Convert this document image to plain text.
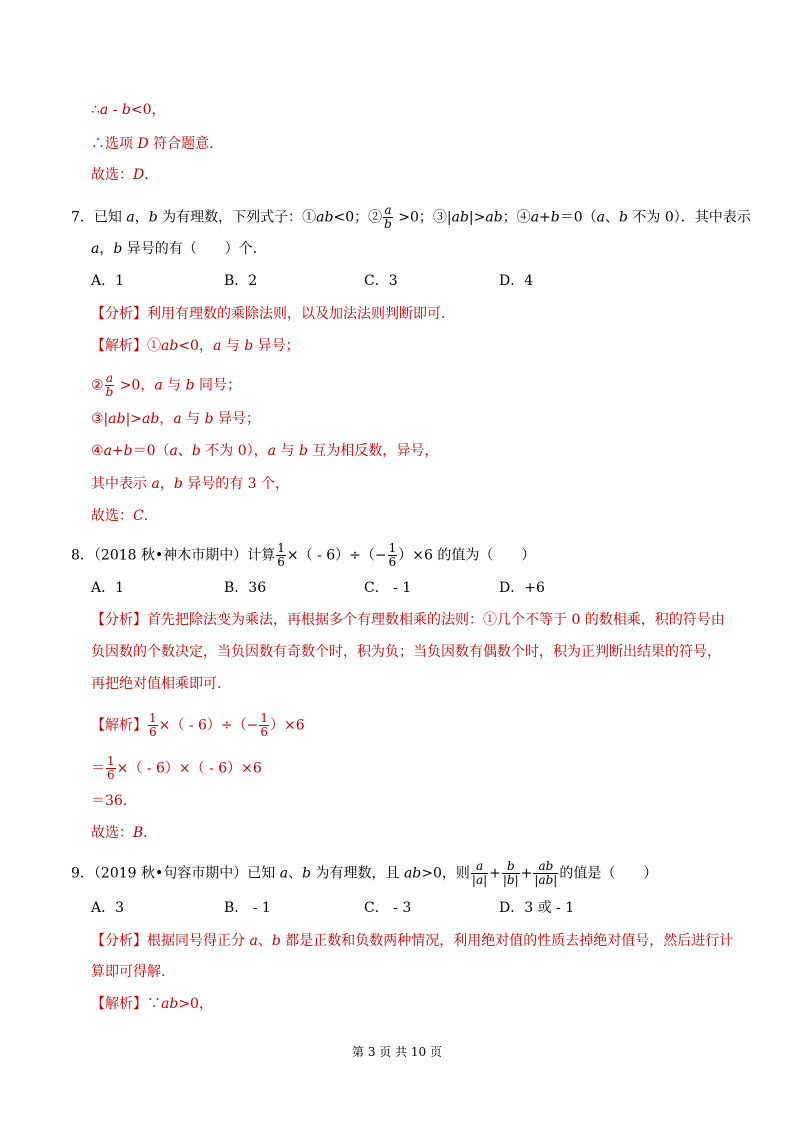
∴a - b<0，
∴选项 D 符合题意．
故选：D．
7．已知 a，b 为有理数，下列式子：①ab<0；② $\frac{a}{b} >0$；③|ab|>ab；④a+b＝0（a、b 不为 0）．其中表示
a，b 异号的有（　　）个．
A．1	B．2	C．3	D．4
【分析】利用有理数的乘除法则，以及加法法则判断即可．
【解析】①ab<0，a 与 b 异号；
② $\frac{a}{b} >0$，a 与 b 同号；
③|ab|>ab，a 与 b 异号；
④a+b＝0（a、b 不为 0），a 与 b 互为相反数，异号，
其中表示 a，b 异号的有 3 个，
故选：C．
8．（2018 秋•神木市期中）计算 $\frac{1}{6}$ ×（ - $6)\div(- \frac{1}{6} )\times 6$ 的值为（　　）
A．1	B．36	C． - 1	D．+6
【分析】首先把除法变为乘法，再根据多个有理数相乘的法则：①几个不等于 0 的数相乘，积的符号由
负因数的个数决定，当负因数有奇数个时，积为负；当负因数有偶数个时，积为正判断出结果的符号，
再把绝对值相乘即可．
【解析】 $\frac{1}{6}$ ×（ - $6)\div(- \frac{1}{6} )\times 6$
＝ $\frac{1}{6}$ ×（ - 6）×（ - 6）×6
＝36．
故选：B．
9．（2019 秋•句容市期中）已知 a、b 为有理数，且 ab>0，则 $\frac{a}{|a|} + \frac{b}{|b|} + \frac{ab}{|ab|}$ 的值是（　　）
A．3	B． - 1	C． - 3	D．3 或 - 1
【分析】根据同号得正分 a、b 都是正数和负数两种情况，利用绝对值的性质去掉绝对值号，然后进行计
算即可得解．
【解析】∵ab>0，
第 3 页 共 10 页
